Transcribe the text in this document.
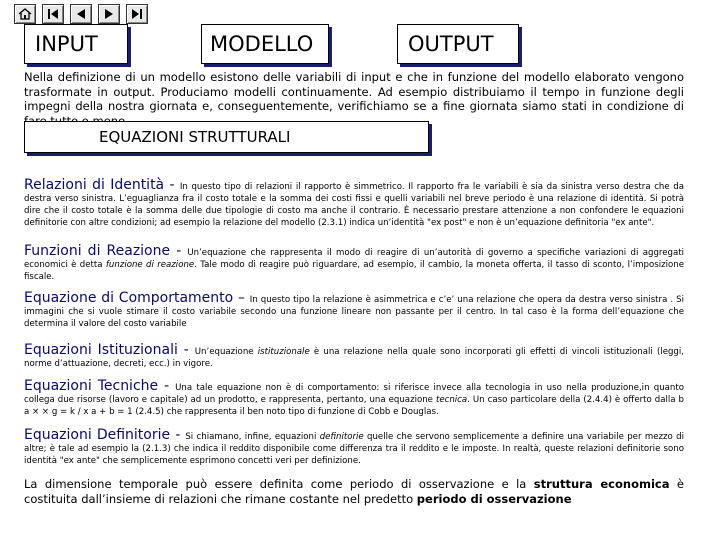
INPUT	MODELLO	OUTPUT
Nella definizione di un modello esistono delle variabili di input e che in funzione del modello elaborato vengono trasformate in output. Produciamo modelli continuamente. Ad esempio distribuiamo il tempo in funzione degli impegni della nostra giornata e, conseguentemente, verifichiamo se a fine giornata siamo stati in condizione di
EQUAZIONI STRUTTURALI
Relazioni di Identità - In questo tipo di relazioni il rapporto è simmetrico. Il rapporto fra le variabili è sia da sinistra verso destra che da destra verso sinistra. L’eguaglianza fra il costo totale e la somma dei costi fissi e quelli variabili nel breve periodo è una relazione di identità. Si potrà dire che il costo totale è la somma delle due tipologie di costo ma anche il contrario. È necessario prestare attenzione a non confondere le equazioni definitorie con altre condizioni; ad esempio la relazione del modello (2.3.1) indica un’identità "ex post" e non è un’equazione definitoria "ex ante".
Funzioni di Reazione - Un’equazione che rappresenta il modo di reagire di un’autorità di governo a specifiche variazioni di aggregati economici è detta funzione di reazione. Tale modo di reagire può riguardare, ad esempio, il cambio, la moneta offerta, il tasso di sconto, l’imposizione fiscale.
Equazione di Comportamento – In questo tipo la relazione è asimmetrica e c’e’ una relazione che opera da destra verso sinistra . Si immagini che si vuole stimare il costo variabile secondo una funzione lineare non passante per il centro. In tal caso è la forma dell’equazione che determina il valore del costo variabile
Equazioni Istituzionali - Un’equazione istituzionale è una relazione nella quale sono incorporati gli effetti di vincoli istituzionali (leggi, norme d’attuazione, decreti, ecc.) in vigore.
Equazioni Tecniche - Una tale equazione non è di comportamento: si riferisce invece alla tecnologia in uso nella produzione,in quanto collega due risorse (lavoro e capitale) ad un prodotto, e rappresenta, pertanto, una equazione tecnica. Un caso particolare della (2.4.4) è offerto dalla b a × × g = k / x a + b = 1 (2.4.5) che rappresenta il ben noto tipo di funzione di Cobb e Douglas.
Equazioni Definitorie - Si chiamano, infine, equazioni definitorie quelle che servono semplicemente a definire una variabile per mezzo di altre; è tale ad esempio la (2.1.3) che indica il reddito disponibile come differenza tra il reddito e le imposte. In realtà, queste relazioni definitorie sono identità "ex ante" che semplicemente esprimono concetti veri per definizione.
La dimensione temporale può essere definita come periodo di osservazione e la struttura economica è costituita dall’insieme di relazioni che rimane costante nel predetto periodo di osservazione
